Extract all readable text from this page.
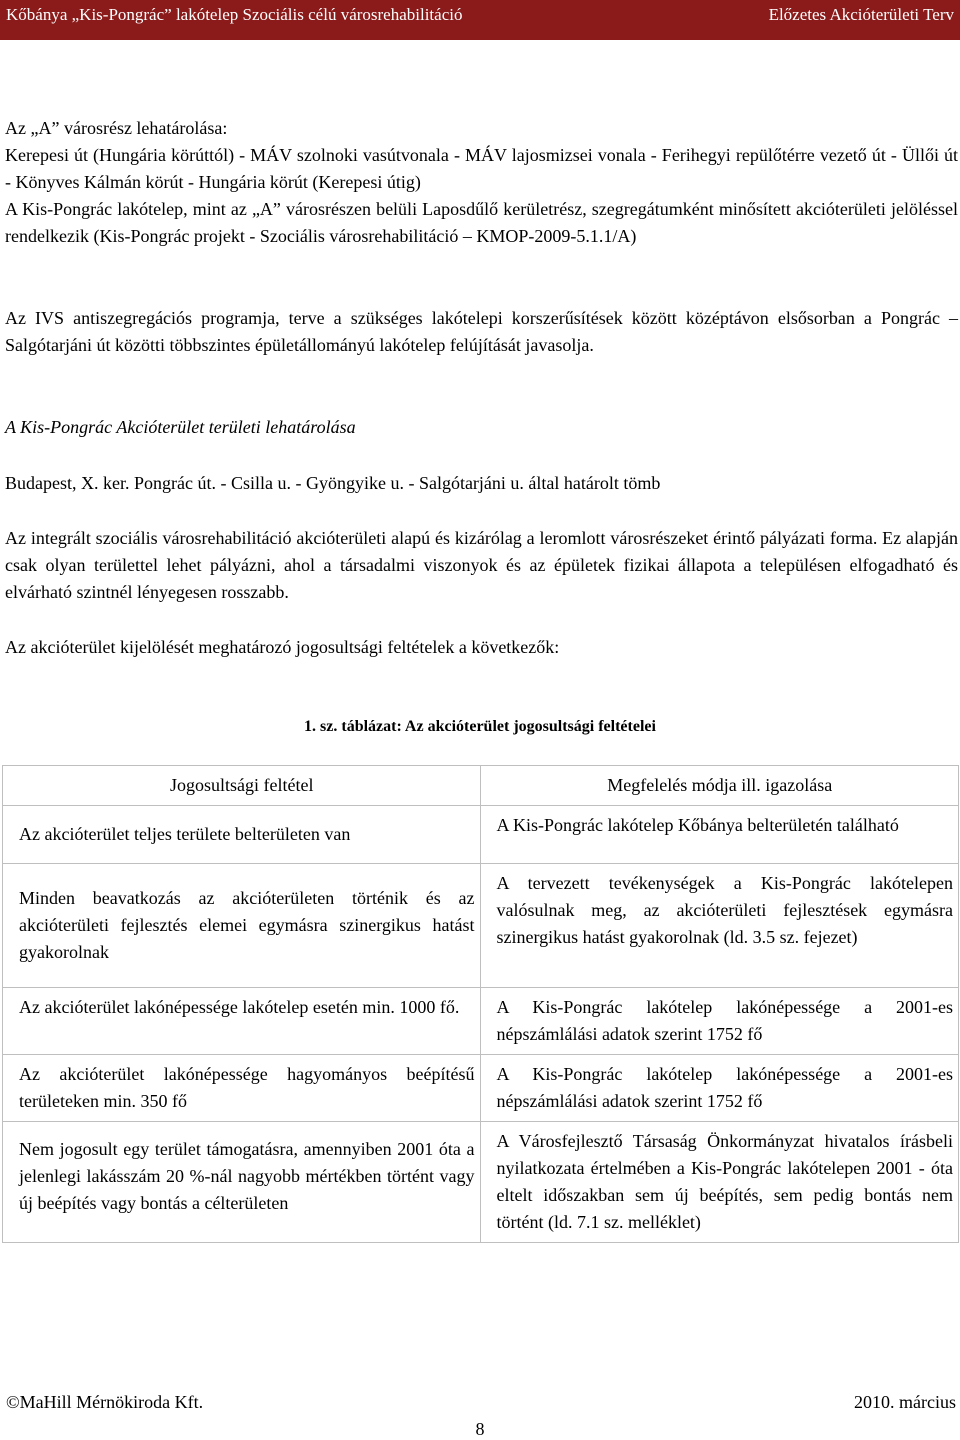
Kőbánya „Kis-Pongrác” lakótelep Szociális célú városrehabilitáció	Előzetes Akcióterületi Terv

Az „A” városrész lehatárolása:
Kerepesi út (Hungária körúttól) - MÁV szolnoki vasútvonala - MÁV lajosmizsei vonala - Ferihegyi repülőtérre vezető út - Üllői út - Könyves Kálmán körút - Hungária körút (Kerepesi útig)
A Kis-Pongrác lakótelep, mint az „A” városrészen belüli Laposdűlő kerületrész, szegregátumként minősített akcióterületi jelöléssel rendelkezik (Kis-Pongrác projekt - Szociális városrehabilitáció – KMOP-2009-5.1.1/A)

Az IVS antiszegregációs programja, terve a szükséges lakótelepi korszerűsítések között középtávon elsősorban a Pongrác – Salgótarjáni út közötti többszintes épületállományú lakótelep felújítását javasolja.

A Kis-Pongrác Akcióterület területi lehatárolása

Budapest, X. ker. Pongrác út. - Csilla u. - Gyöngyike u. - Salgótarjáni u. által határolt tömb

Az integrált szociális városrehabilitáció akcióterületi alapú és kizárólag a leromlott városrészeket érintő pályázati forma. Ez alapján csak olyan területtel lehet pályázni, ahol a társadalmi viszonyok és az épületek fizikai állapota a településen elfogadható és elvárható szintnél lényegesen rosszabb.

Az akcióterület kijelölését meghatározó jogosultsági feltételek a következők:

1. sz. táblázat: Az akcióterület jogosultsági feltételei
Jogosultsági feltétel	Megfelelés módja ill. igazolása
Az akcióterület teljes területe belterületen van	A Kis-Pongrác lakótelep Kőbánya belterületén található
Minden beavatkozás az akcióterületen történik és az akcióterületi fejlesztés elemei egymásra szinergikus hatást gyakorolnak	A tervezett tevékenységek a Kis-Pongrác lakótelepen valósulnak meg, az akcióterületi fejlesztések egymásra szinergikus hatást gyakorolnak (ld. 3.5 sz. fejezet)
Az akcióterület lakónépessége lakótelep esetén min. 1000 fő.	A Kis-Pongrác lakótelep lakónépessége a 2001-es népszámlálási adatok szerint 1752 fő
Az akcióterület lakónépessége hagyományos beépítésű területeken min. 350 fő	A Kis-Pongrác lakótelep lakónépessége a 2001-es népszámlálási adatok szerint 1752 fő
Nem jogosult egy terület támogatásra, amennyiben 2001 óta a jelenlegi lakásszám 20 %-nál nagyobb mértékben történt vagy új beépítés vagy bontás a célterületen	A Városfejlesztő Társaság Önkormányzat hivatalos írásbeli nyilatkozata értelmében a Kis-Pongrác lakótelepen 2001 - óta eltelt időszakban sem új beépítés, sem pedig bontás nem történt (ld. 7.1 sz. melléklet)
©MaHill Mérnökiroda Kft.	2010. március
8
